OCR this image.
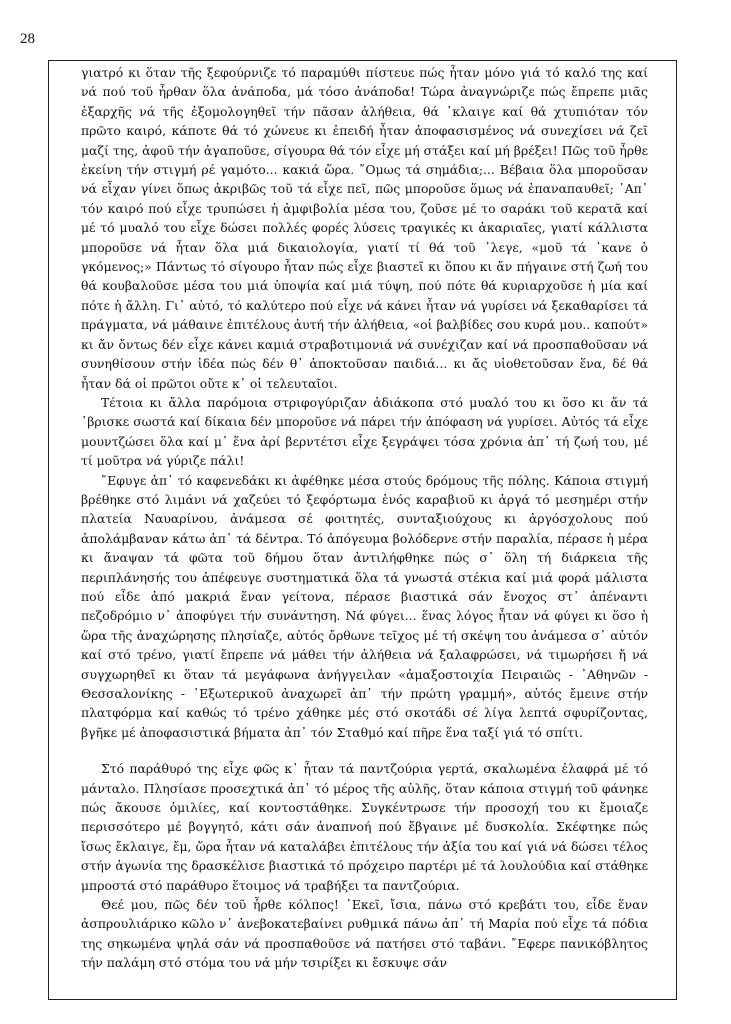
28

γιατρό κι ὅταν τῆς ξεφούρνιζε τό παραμύθι πίστευε πώς ἦταν μόνο γιά τό καλό της καί νά πού τοῦ ἦρθαν ὅλα ἀνάποδα, μά τόσο ἀνάποδα! Τώρα ἀναγνώριζε πώς ἔπρεπε μιᾶς ἐξαρχῆς νά τῆς ἐξομολογηθεῖ τήν πᾶσαν ἀλήθεια, θά ᾿κλαιγε καί θά χτυπιόταν τόν πρῶτο καιρό, κάποτε θά τό χώνευε κι ἐπειδή ἦταν ἀποφασισμένος νά συνεχίσει νά ζεῖ μαζί της, ἀφοῦ τήν ἀγαποῦσε, σίγουρα θά τόν εἶχε μή στάξει καί μή βρέξει! Πῶς τοῦ ἦρθε ἐκείνη τήν στιγμή ρέ γαμότο... κακιά ὥρα. ῎Ομως τά σημάδια;... Βέβαια ὅλα μποροῦσαν νά εἶχαν γίνει ὅπως ἀκριβῶς τοῦ τά εἶχε πεῖ, πῶς μποροῦσε ὅμως νά ἐπαναπαυθεῖ; ᾿Απ᾿ τόν καιρό πού εἶχε τρυπώσει ἡ ἀμφιβολία μέσα του, ζοῦσε μέ το σαράκι τοῦ κερατᾶ καί μέ τό μυαλό του εἶχε δώσει πολλές φορές λύσεις τραγικές κι ἀκαριαῖες, γιατί κάλλιστα μποροῦσε νά ἦταν ὅλα μιά δικαιολογία, γιατί τί θά τοῦ ᾿λεγε, «μοῦ τά ᾿κανε ὁ γκόμενος;» Πάντως τό σίγουρο ἦταν πώς εἶχε βιαστεῖ κι ὅπου κι ἄν πήγαινε στή ζωή του θά κουβαλοῦσε μέσα του μιά ὑποψία καί μιά τύψη, πού πότε θά κυριαρχοῦσε ἡ μία καί πότε ἡ ἄλλη. Γι᾿ αὐτό, τό καλύτερο πού εἶχε νά κάνει ἦταν νά γυρίσει νά ξεκαθαρίσει τά πράγματα, νά μάθαινε ἐπιτέλους ἀυτή τήν ἀλήθεια, «οἱ βαλβίδες σου κυρά μου.. καπούτ» κι ἄν ὄντως δέν εἶχε κάνει καμιά στραβοτιμονιά νά συνέχιζαν καί νά προσπαθοῦσαν νά συνηθίσουν στήν ἰδέα πώς δέν θ᾿ ἀποκτοῦσαν παιδιά... κι ἄς υἱοθετοῦσαν ἕνα, δέ θά ἦταν δά οἱ πρῶτοι οὔτε κ᾿ οἱ τελευταῖοι.

Τέτοια κι ἄλλα παρόμοια στριφογύριζαν ἀδιάκοπα στό μυαλό του κι ὅσο κι ἄν τά ᾿βρισκε σωστά καί δίκαια δέν μποροῦσε νά πάρει τήν ἀπόφαση νά γυρίσει. Αὐτός τά εἶχε μουντζώσει ὅλα καί μ᾿ ἕνα ἀρί βερντέτσι εἶχε ξεγράψει τόσα χρόνια ἀπ᾿ τή ζωή του, μέ τί μοῦτρα νά γύριζε πάλι!

῎Εφυγε ἀπ᾿ τό καφενεδάκι κι ἀφέθηκε μέσα στούς δρόμους τῆς πόλης. Κάποια στιγμή βρέθηκε στό λιμάνι νά χαζεύει τό ξεφόρτωμα ἑνός καραβιοῦ κι ἀργά τό μεσημέρι στήν πλατεία Ναυαρίνου, ἀνάμεσα σέ φοιτητές, συνταξιούχους κι ἀργόσχολους πού ἀπολάμβαναν κάτω ἀπ᾿ τά δέντρα. Τό ἀπόγευμα βολόδερνε στήν παραλία, πέρασε ἡ μέρα κι ἄναψαν τά φῶτα τοῦ δήμου ὅταν ἀντιλήφθηκε πώς σ᾿ ὅλη τή διάρκεια τῆς περιπλάνησής του ἀπέφευγε συστηματικά ὅλα τά γνωστά στέκια καί μιά φορά μάλιστα πού εἶδε ἀπό μακριά ἕναν γείτονα, πέρασε βιαστικά σάν ἔνοχος στ᾿ ἀπέναντι πεζοδρόμιο ν᾿ ἀποφύγει τήν συνάντηση. Νά φύγει... ἕνας λόγος ἦταν νά φύγει κι ὅσο ἡ ὥρα τῆς ἀναχώρησης πλησίαζε, αὐτός ὄρθωνε τεῖχος μέ τή σκέψη του ἀνάμεσα σ᾿ αὐτόν καί στό τρένο, γιατί ἔπρεπε νά μάθει τήν ἀλήθεια νά ξαλαφρώσει, νά τιμωρήσει ἤ νά συγχωρηθεῖ κι ὅταν τά μεγάφωνα ἀνήγγειλαν «ἀμαξοστοιχία Πειραιῶς - ᾿Αθηνῶν - Θεσσαλονίκης - ᾿Εξωτερικοῦ ἀναχωρεῖ ἀπ᾿ τήν πρώτη γραμμή», αὐτός ἔμεινε στήν πλατφόρμα καί καθώς τό τρένο χάθηκε μές στό σκοτάδι σέ λίγα λεπτά σφυρίζοντας, βγῆκε μέ ἀποφασιστικά βήματα ἀπ᾿ τόν Σταθμό καί πῆρε ἕνα ταξί γιά τό σπίτι.

Στό παράθυρό της εἶχε φῶς κ᾿ ἦταν τά παντζούρια γερτά, σκαλωμένα ἐλαφρά μέ τό μάνταλο. Πλησίασε προσεχτικά ἀπ᾿ τό μέρος τῆς αὐλῆς, ὅταν κάποια στιγμή τοῦ φάνηκε πώς ἄκουσε ὁμιλίες, καί κοντοστάθηκε. Συγκέντρωσε τήν προσοχή του κι ἔμοιαζε περισσότερο μέ βογγητό, κάτι σάν ἀναπνοή πού ἔβγαινε μέ δυσκολία. Σκέφτηκε πώς ἴσως ἔκλαιγε, ἔμ, ὥρα ἦταν νά καταλάβει ἐπιτέλους τήν ἀξία του καί γιά νά δώσει τέλος στήν ἀγωνία της δρασκέλισε βιαστικά τό πρόχειρο παρτέρι μέ τά λουλούδια καί στάθηκε μπροστά στό παράθυρο ἕτοιμος νά τραβήξει τα παντζούρια.

Θεέ μου, πῶς δέν τοῦ ἦρθε κόλπος! ᾿Εκεῖ, ἴσια, πάνω στό κρεβάτι του, εἶδε ἕναν ἀσπρουλιάρικο κῶλο ν᾿ ἀνεβοκατεβαίνει ρυθμικά πάνω ἀπ᾿ τή Μαρία πού εἶχε τά πόδια της σηκωμένα ψηλά σάν νά προσπαθοῦσε νά πατήσει στό ταβάνι. ῎Εφερε πανικόβλητος τήν παλάμη στό στόμα του νά μήν τσιρίξει κι ἔσκυψε σάν
